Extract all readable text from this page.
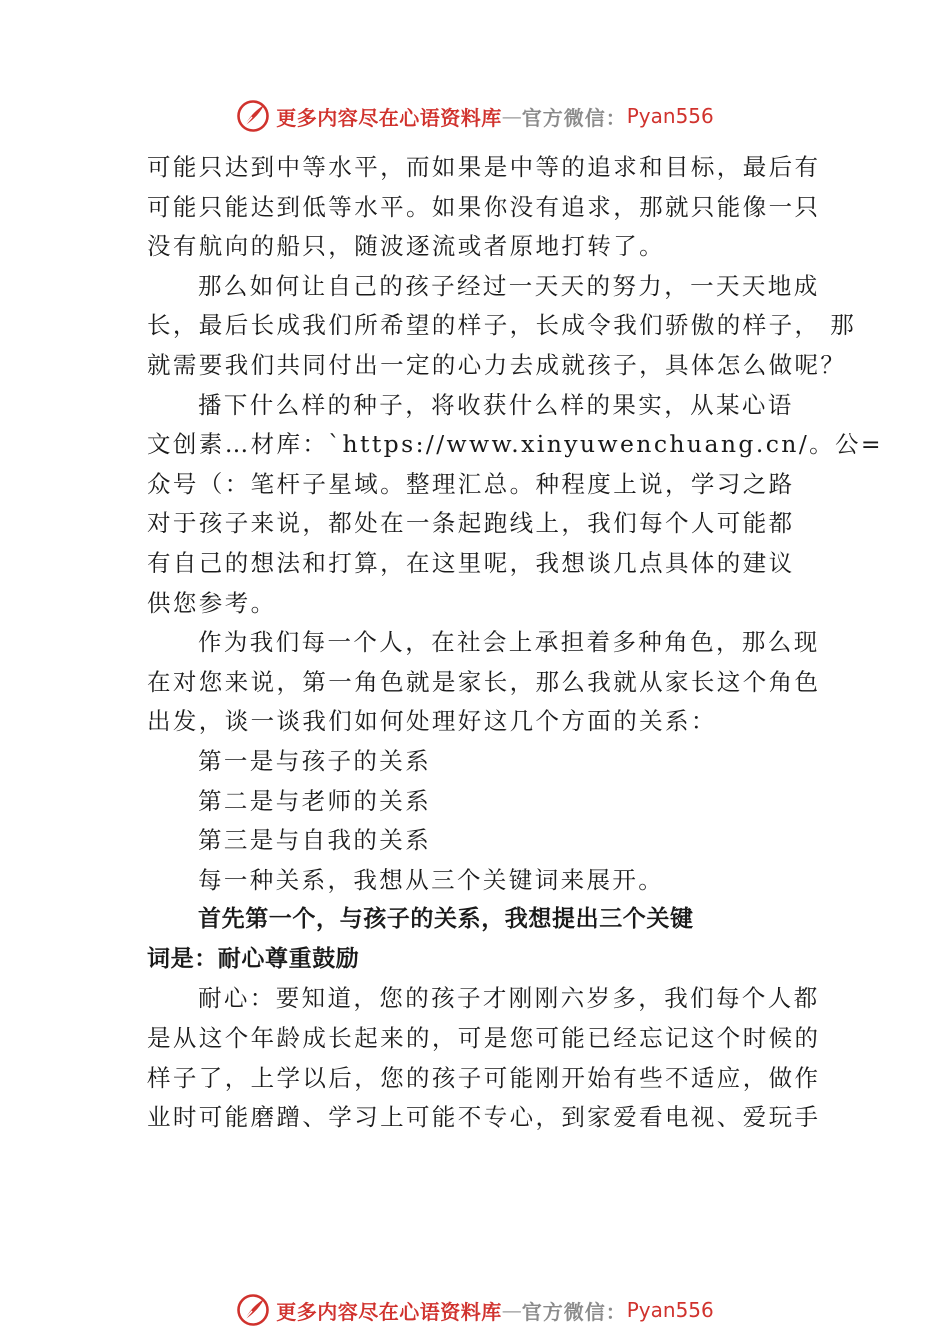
更多内容尽在心语资料库 — 官方微信： Pyan556
可能只达到中等水平，而如果是中等的追求和目标，最后有
可能只能达到低等水平。如果你没有追求，那就只能像一只
没有航向的船只，随波逐流或者原地打转了。
那么如何让自己的孩子经过一天天的努力，一天天地成
长，最后长成我们所希望的样子，长成令我们骄傲的样子， 那
就需要我们共同付出一定的心力去成就孩子，具体怎么做呢？
播下什么样的种子，将收获什么样的果实，从某心语
文创素…材库：`https://www.xinyuwenchuang.cn/。公=
众号（：笔杆子星域。整理汇总。种程度上说，学习之路
对于孩子来说，都处在一条起跑线上，我们每个人可能都
有自己的想法和打算，在这里呢，我想谈几点具体的建议
供您参考。
作为我们每一个人，在社会上承担着多种角色，那么现
在对您来说，第一角色就是家长，那么我就从家长这个角色
出发，谈一谈我们如何处理好这几个方面的关系：
第一是与孩子的关系
第二是与老师的关系
第三是与自我的关系
每一种关系，我想从三个关键词来展开。
首先第一个，与孩子的关系，我想提出三个关键
词是：耐心尊重鼓励
耐心：要知道，您的孩子才刚刚六岁多，我们每个人都
是从这个年龄成长起来的，可是您可能已经忘记这个时候的
样子了，上学以后，您的孩子可能刚开始有些不适应，做作
业时可能磨蹭、学习上可能不专心，到家爱看电视、爱玩手
更多内容尽在心语资料库 — 官方微信： Pyan556
